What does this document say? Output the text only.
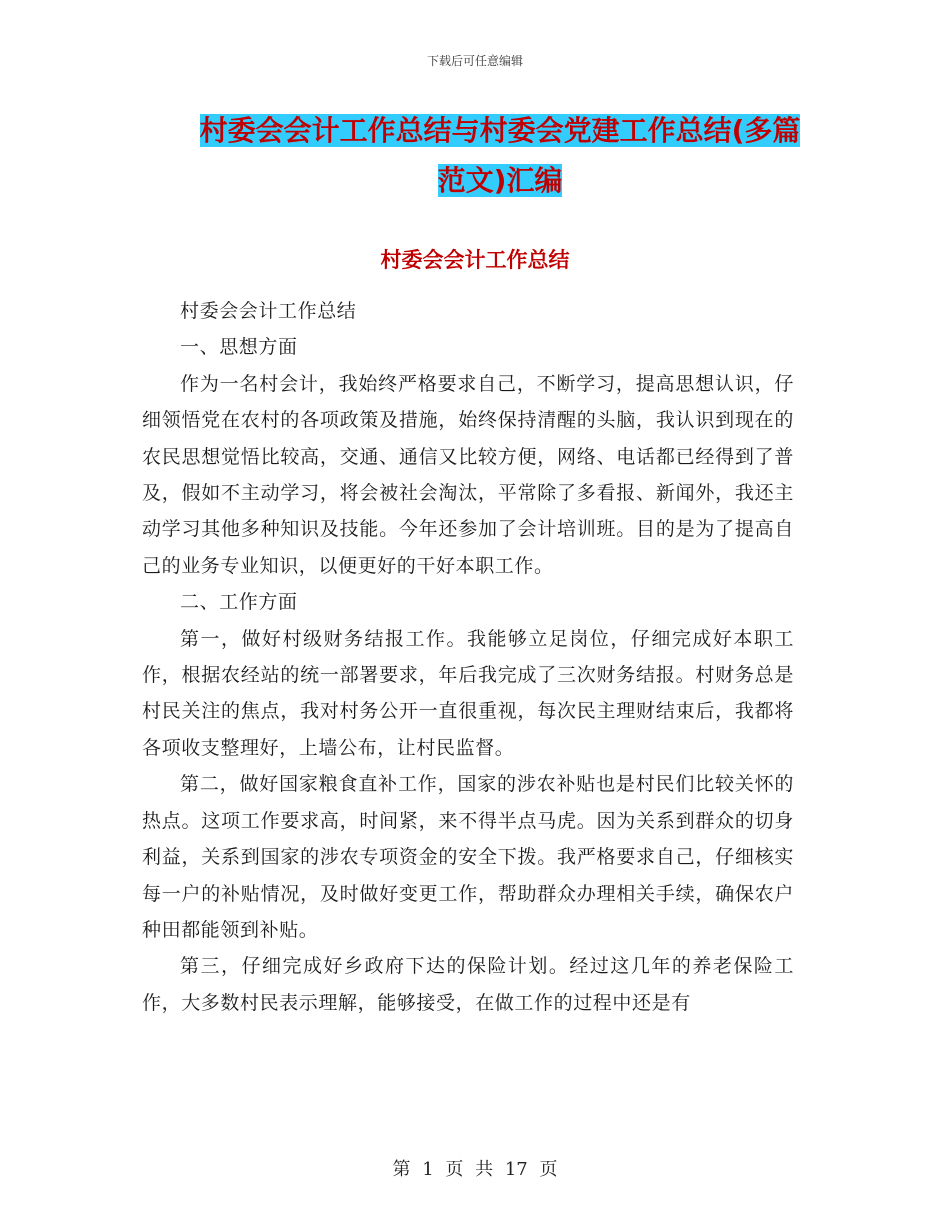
下载后可任意编辑
村委会会计工作总结与村委会党建工作总结(多篇范文)汇编
村委会会计工作总结

村委会会计工作总结

一、思想方面

作为一名村会计，我始终严格要求自己，不断学习，提高思想认识，仔细领悟党在农村的各项政策及措施，始终保持清醒的头脑，我认识到现在的农民思想觉悟比较高，交通、通信又比较方便，网络、电话都已经得到了普及，假如不主动学习，将会被社会淘汰，平常除了多看报、新闻外，我还主动学习其他多种知识及技能。今年还参加了会计培训班。目的是为了提高自己的业务专业知识，以便更好的干好本职工作。

二、工作方面

第一，做好村级财务结报工作。我能够立足岗位，仔细完成好本职工作，根据农经站的统一部署要求，年后我完成了三次财务结报。村财务总是村民关注的焦点，我对村务公开一直很重视，每次民主理财结束后，我都将各项收支整理好，上墙公布，让村民监督。

第二，做好国家粮食直补工作，国家的涉农补贴也是村民们比较关怀的热点。这项工作要求高，时间紧，来不得半点马虎。因为关系到群众的切身利益，关系到国家的涉农专项资金的安全下拨。我严格要求自己，仔细核实每一户的补贴情况，及时做好变更工作，帮助群众办理相关手续，确保农户种田都能领到补贴。

第三，仔细完成好乡政府下达的保险计划。经过这几年的养老保险工作，大多数村民表示理解，能够接受，在做工作的过程中还是有

第 1 页 共 17 页
